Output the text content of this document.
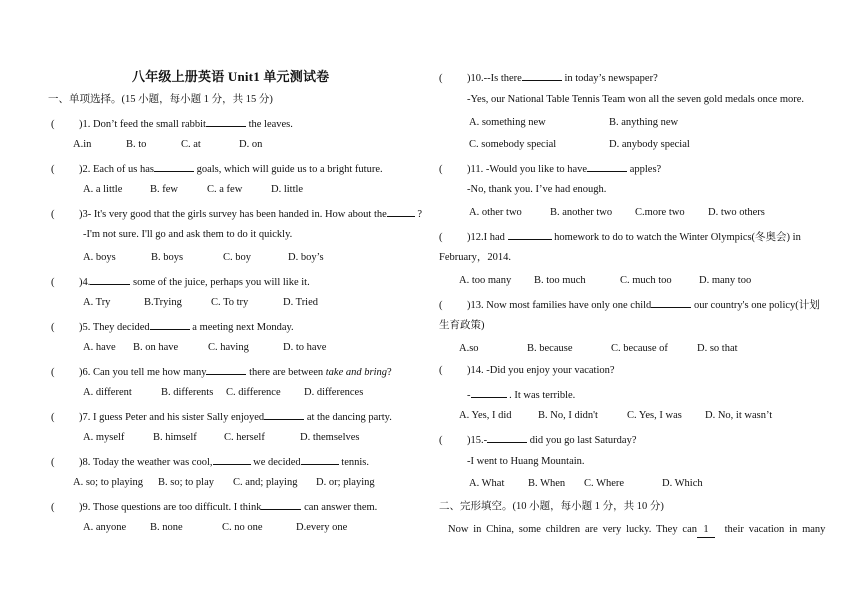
八年级上册英语 Unit1 单元测试卷
一、单项选择。(15 小题，每小题 1 分，共 15 分)
( )1. Don’t feed the small rabbit	the leaves.
A.in	B. to	C. at	D. on
( )2. Each of us has	goals, which will guide us to a bright future.
A. a little	B. few	C. a few	D. little
( )3- It's very good that the girls survey has been handed in. How about the	?
-I'm not sure. I'll go and ask them to do it quickly.
A. boys	B. boys	C. boy	D. boy’s
( )4.	some of the juice, perhaps you will like it.
A. Try	B.Trying	C. To try	D. Tried
( )5. They decided	a meeting next Monday.
A. have B. on have	C. having	D. to have
( )6. Can you tell me how many	there are between take and bring?
A. different	B. differents C. difference D. differences
( )7. I guess Peter and his sister Sally enjoyed	at the dancing party.
A. myself	B. himself	C. herself	D. themselves
( )8. Today the weather was cool,	we decided	tennis.
A. so; to playing B. so; to play C. and; playing D. or; playing
( )9. Those questions are too difficult. I think	can answer them.
A. anyone B. none	C. no one	D.every one
( )10.--Is there	in today’s newspaper?
-Yes, our National Table Tennis Team won all the seven gold medals once more.
A. something new	B. anything new
C. somebody special	D. anybody special
( )11. -Would you like to have	apples?
-No, thank you. I’ve had enough.
A. other two	B. another two C.more two D. two others
( )12.I had	homework to do to watch the Winter Olympics(冬奥会) in
February，2014.
A. too many B. too much	C. much too	D. many too
( )13. Now most families have only one child	our country's one policy(计划
生育政策)
A.so	B. because	C. because of	D. so that
( )14. -Did you enjoy your vacation?
-	. It was terrible.
A. Yes, I did	B. No, I didn't	C. Yes, I was D. No, it wasn’t
( )15.-	did you go last Saturday?
-I went to Huang Mountain.
A. What B. When C. Where	D. Which
二、完形填空。(10 小题，每小题 1 分，共 10 分)
Now in China, some children are very lucky. They can 1 their vacation in many
